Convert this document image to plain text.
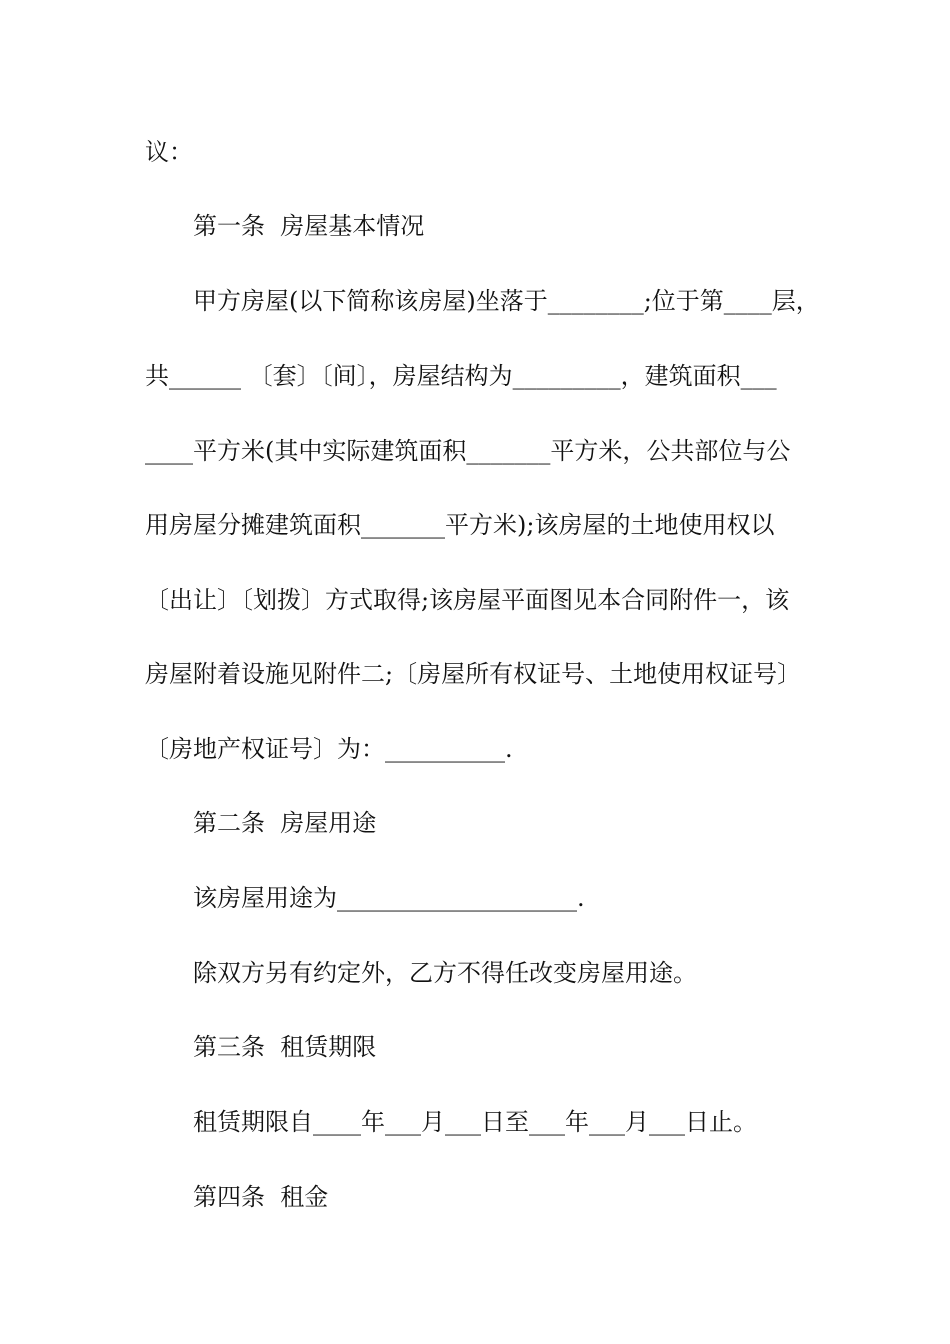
议：

第一条  房屋基本情况

甲方房屋(以下简称该房屋)坐落于________;位于第____层，

共______ 〔套〕〔间〕，房屋结构为_________，建筑面积___

____平方米(其中实际建筑面积_______平方米，公共部位与公

用房屋分摊建筑面积_______平方米);该房屋的土地使用权以

〔出让〕〔划拨〕方式取得;该房屋平面图见本合同附件一，该

房屋附着设施见附件二;〔房屋所有权证号、土地使用权证号〕

〔房地产权证号〕为：__________.

第二条  房屋用途

该房屋用途为____________________.

除双方另有约定外，乙方不得任改变房屋用途。

第三条  租赁期限

租赁期限自____年___月___日至___年___月___日止。

第四条  租金
